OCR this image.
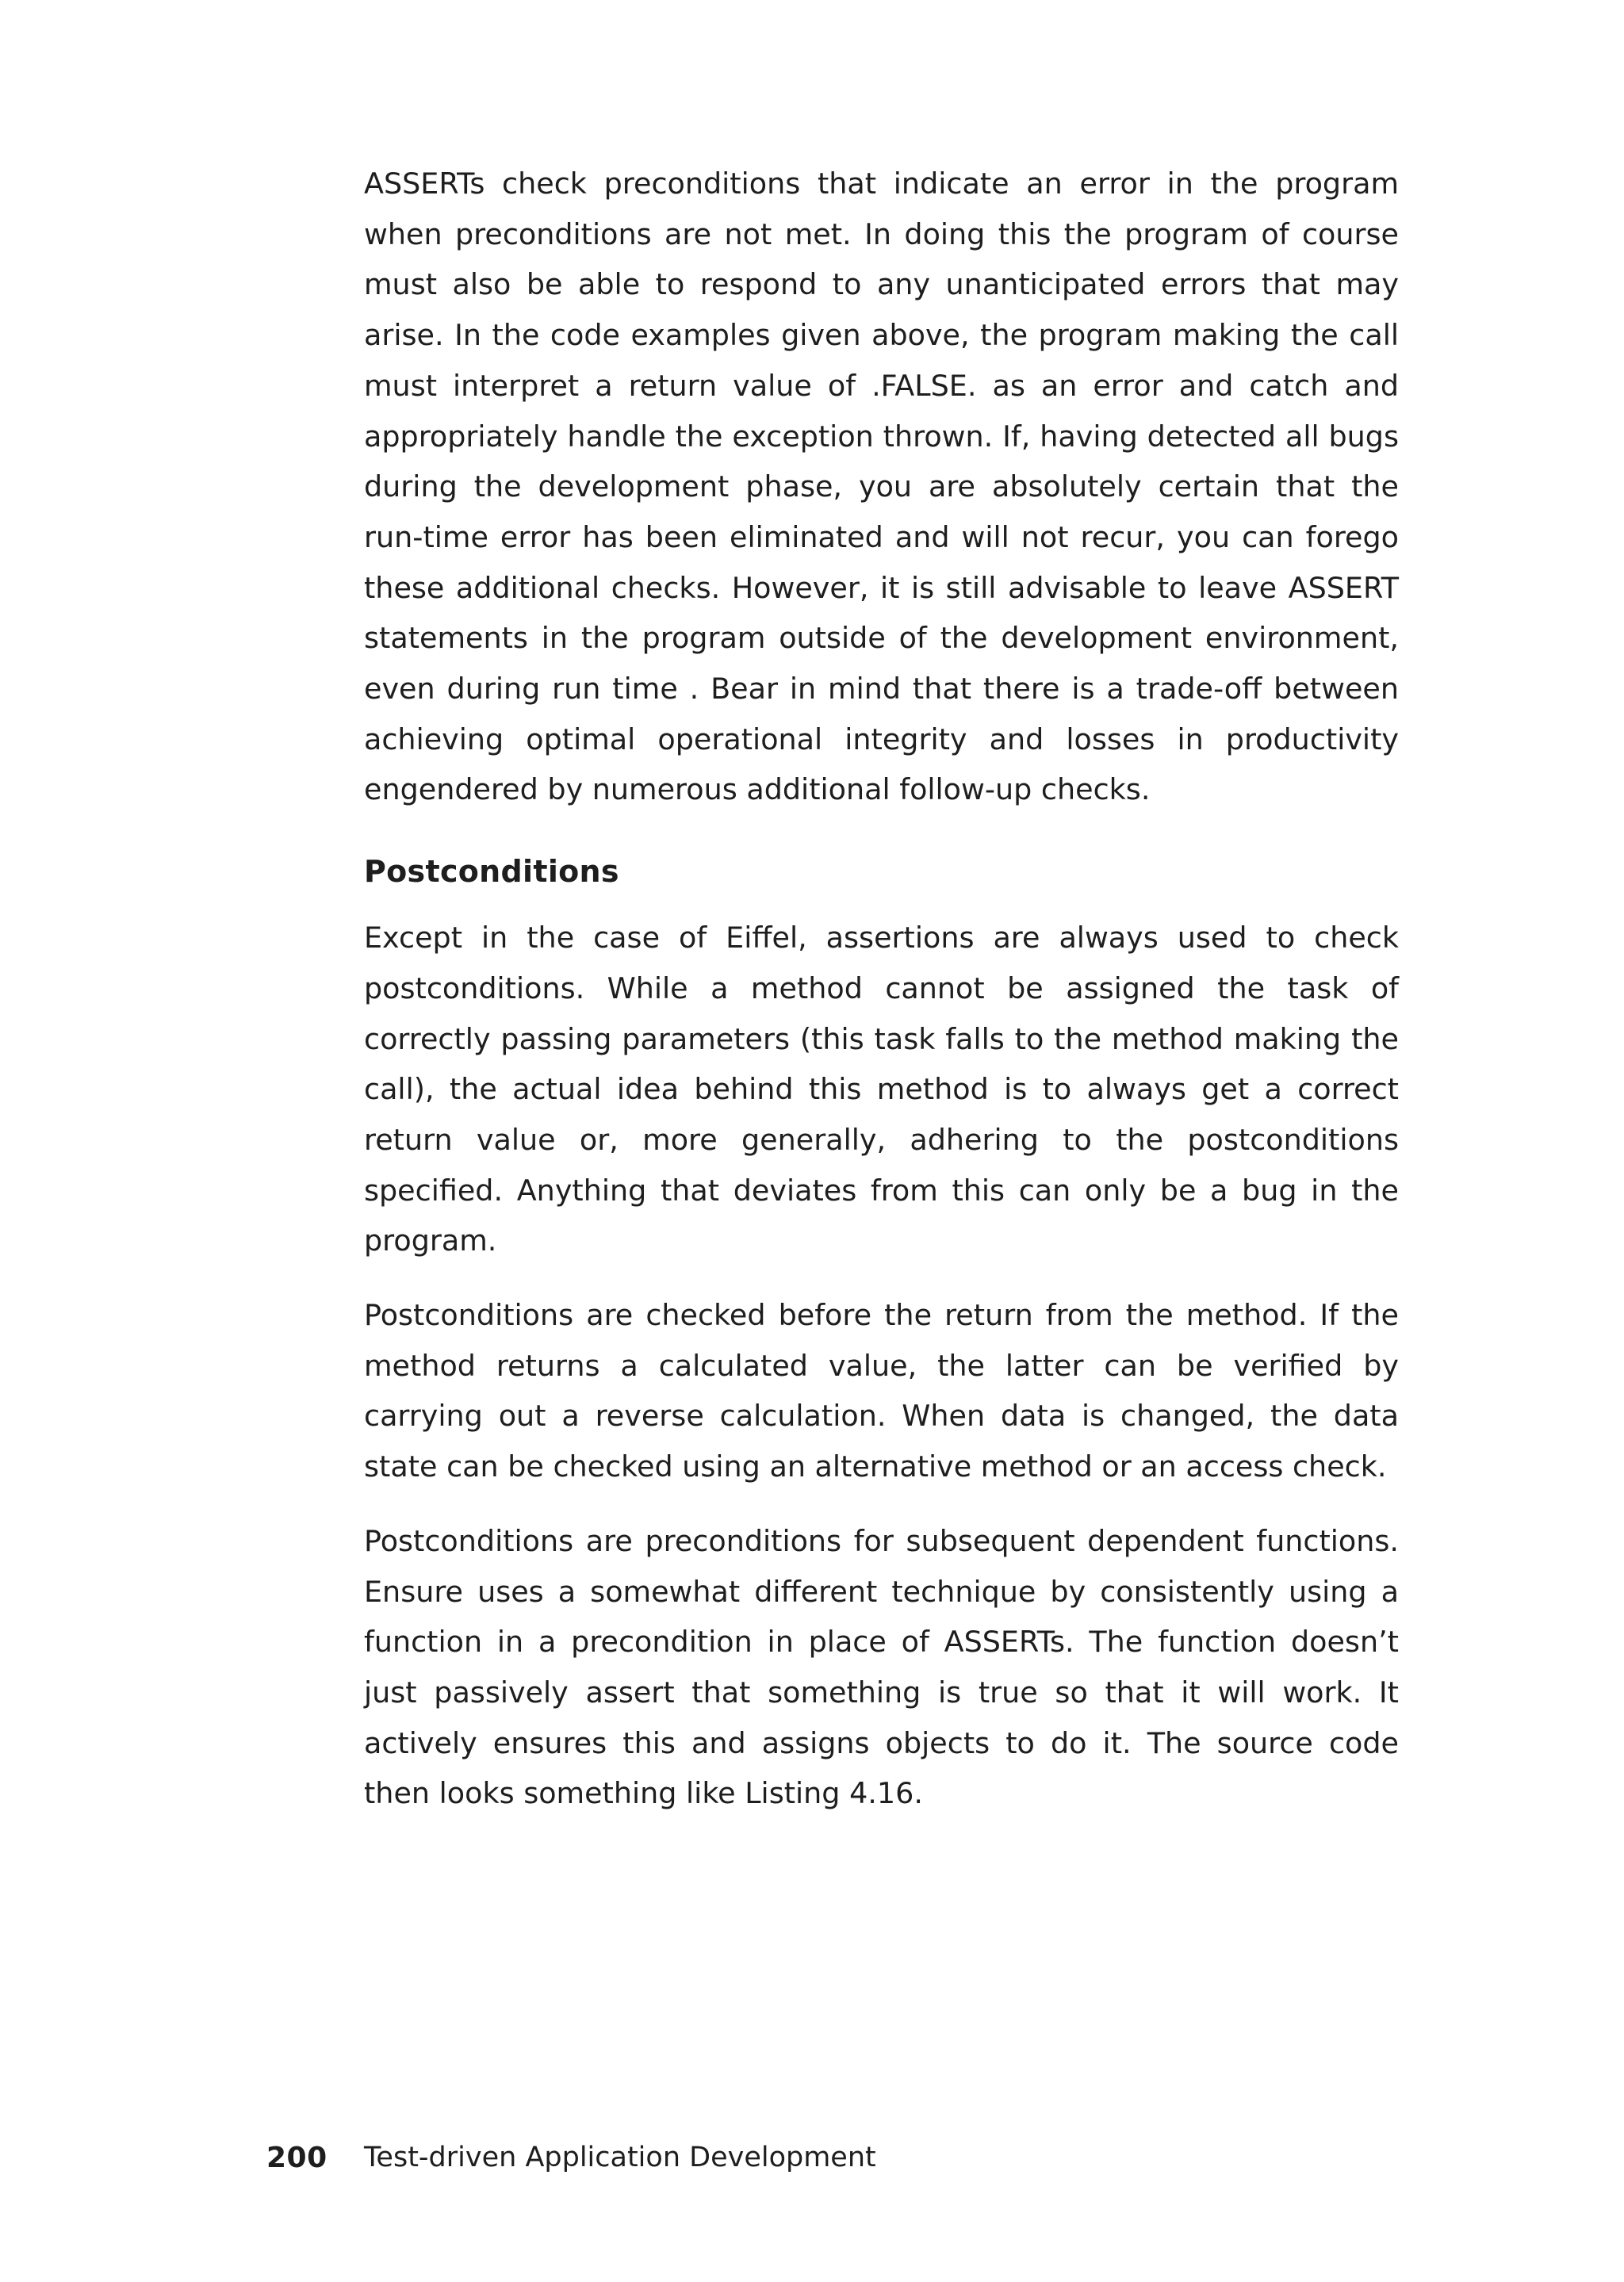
ASSERTs check preconditions that indicate an error in the program when preconditions are not met. In doing this the program of course must also be able to respond to any unanticipated errors that may arise. In the code examples given above, the program making the call must interpret a return value of .FALSE. as an error and catch and appropriately handle the exception thrown. If, having detected all bugs during the development phase, you are absolutely certain that the run-time error has been eliminated and will not recur, you can forego these additional checks. However, it is still advisable to leave ASSERT statements in the program outside of the development environment, even during run time . Bear in mind that there is a trade-off between achieving optimal operational integrity and losses in productivity engendered by numerous additional follow-up checks.

Postconditions

Except in the case of Eiffel, assertions are always used to check postconditions. While a method cannot be assigned the task of correctly passing parameters (this task falls to the method making the call), the actual idea behind this method is to always get a correct return value or, more generally, adhering to the postconditions specified. Anything that deviates from this can only be a bug in the program.

Postconditions are checked before the return from the method. If the method returns a calculated value, the latter can be verified by carrying out a reverse calculation. When data is changed, the data state can be checked using an alternative method or an access check.

Postconditions are preconditions for subsequent dependent functions. Ensure uses a somewhat different technique by consistently using a function in a precondition in place of ASSERTs. The function doesn’t just passively assert that something is true so that it will work. It actively ensures this and assigns objects to do it. The source code then looks something like Listing 4.16.

200	Test-driven Application Development
